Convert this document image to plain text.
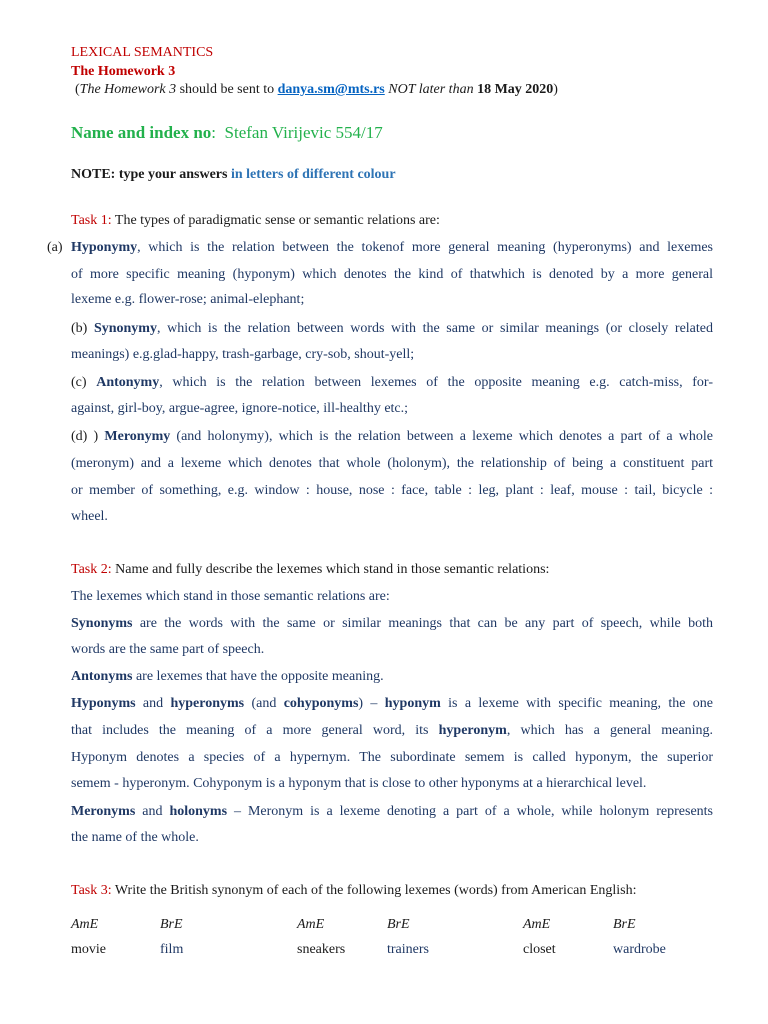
LEXICAL SEMANTICS
The Homework 3
(The Homework 3 should be sent to danya.sm@mts.rs NOT later than 18 May 2020)
Name and index no: Stefan Virijevic 554/17
NOTE: type your answers in letters of different colour
Task 1: The types of paradigmatic sense or semantic relations are:
(a) Hyponymy, which is the relation between the tokenof more general meaning (hyperonyms) and lexemes
of more specific meaning (hyponym) which denotes the kind of thatwhich is denoted by a more general
lexeme e.g. flower-rose; animal-elephant;
(b) Synonymy, which is the relation between words with the same or similar meanings (or closely related
meanings) e.g.glad-happy, trash-garbage, cry-sob, shout-yell;
(c) Antonymy, which is the relation between lexemes of the opposite meaning e.g. catch-miss, for-
against, girl-boy, argue-agree, ignore-notice, ill-healthy etc.;
(d) ) Meronymy (and holonymy), which is the relation between a lexeme which denotes a part of a whole
(meronym) and a lexeme which denotes that whole (holonym), the relationship of being a constituent part
or member of something, e.g. window : house, nose : face, table : leg, plant : leaf, mouse : tail, bicycle :
wheel.
Task 2: Name and fully describe the lexemes which stand in those semantic relations:
The lexemes which stand in those semantic relations are:
Synonyms are the words with the same or similar meanings that can be any part of speech, while both
words are the same part of speech.
Antonyms are lexemes that have the opposite meaning.
Hyponyms and hyperonyms (and cohyponyms) – hyponym is a lexeme with specific meaning, the one
that includes the meaning of a more general word, its hyperonym, which has a general meaning.
Hyponym denotes a species of a hypernym. The subordinate semem is called hyponym, the superior
semem - hyperonym. Cohyponym is a hyponym that is close to other hyponyms at a hierarchical level.
Meronyms and holonyms – Meronym is a lexeme denoting a part of a whole, while holonym represents
the name of the whole.
Task 3: Write the British synonym of each of the following lexemes (words) from American English:
AmE	BrE	AmE	BrE	AmE	BrE
movie	film	sneakers	trainers	closet	wardrobe
